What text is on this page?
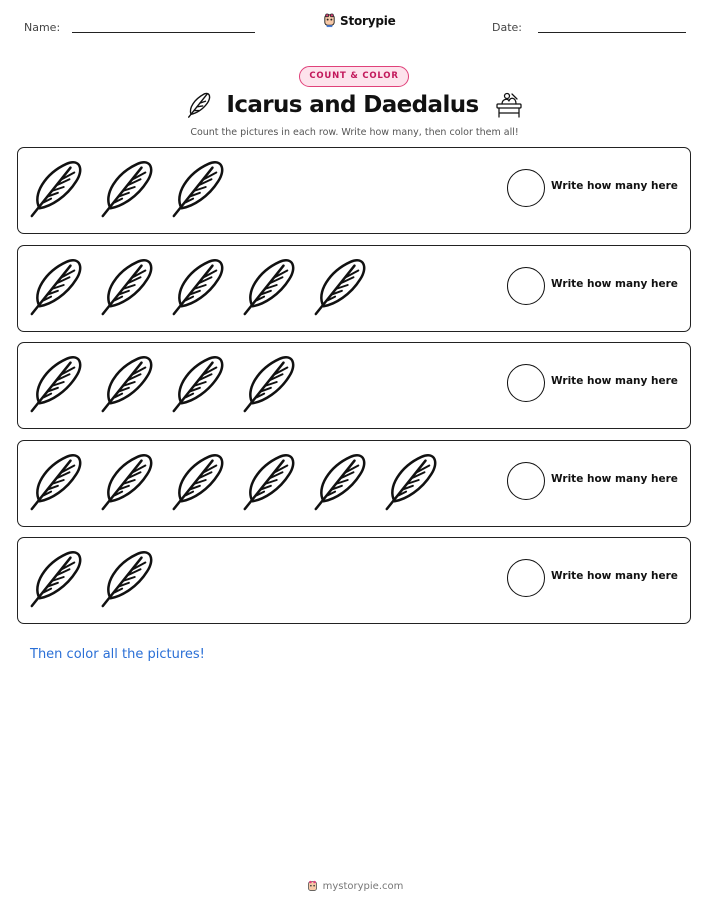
Name:	Storypie	Date:
COUNT & COLOR
Icarus and Daedalus
Count the pictures in each row. Write how many, then color them all!
Write how many here
Write how many here
Write how many here
Write how many here
Write how many here
Then color all the pictures!
mystorypie.com
